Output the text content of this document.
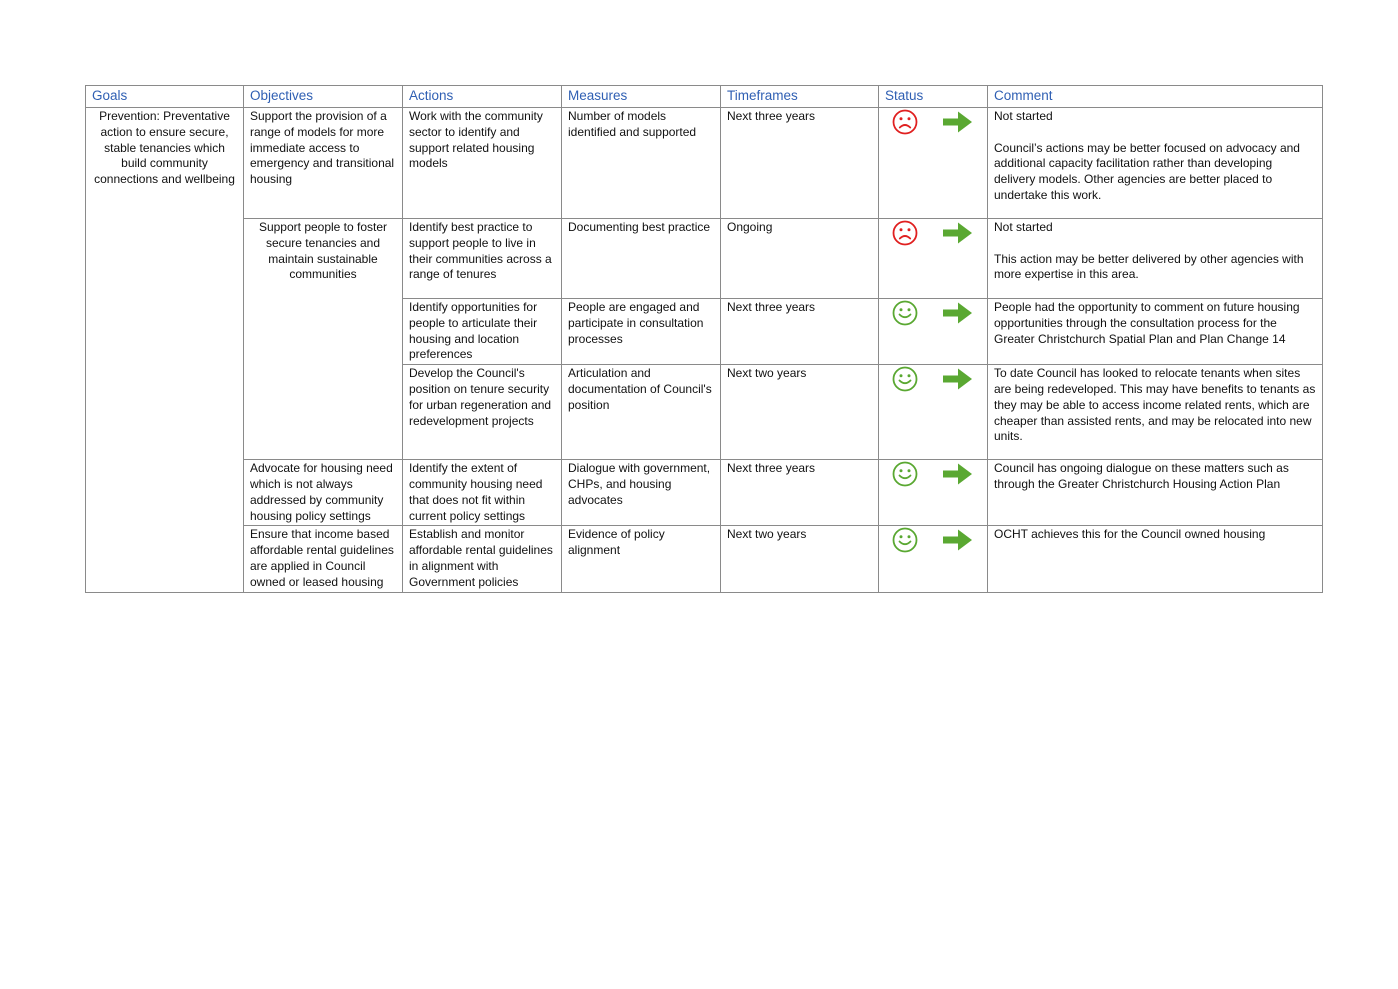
Goals	Objectives	Actions	Measures	Timeframes	Status	Comment
Prevention: Preventative action to ensure secure, stable tenancies which build community connections and wellbeing	Support the provision of a range of models for more immediate access to emergency and transitional housing	Work with the community sector to identify and support related housing models	Number of models identified and supported	Next three years		Not started
Council’s actions may be better focused on advocacy and additional capacity facilitation rather than developing delivery models. Other agencies are better placed to undertake this work.

	Support people to foster secure tenancies and maintain sustainable communities	Identify best practice to support people to live in their communities across a range of tenures	Documenting best practice	Ongoing		Not started
This action may be better delivered by other agencies with more expertise in this area.

		Identify opportunities for people to articulate their housing and location preferences	People are engaged and participate in consultation processes	Next three years		People had the opportunity to comment on future housing opportunities through the consultation process for the Greater Christchurch Spatial Plan and Plan Change 14

		Develop the Council's position on tenure security for urban regeneration and redevelopment projects	Articulation and documentation of Council's position	Next two years		To date Council has looked to relocate tenants when sites are being redeveloped. This may have benefits to tenants as they may be able to access income related rents, which are cheaper than assisted rents, and may be relocated into new units.

	Advocate for housing need which is not always addressed by community housing policy settings	Identify the extent of community housing need that does not fit within current policy settings	Dialogue with government, CHPs, and housing advocates	Next three years		Council has ongoing dialogue on these matters such as through the Greater Christchurch Housing Action Plan

	Ensure that income based affordable rental guidelines are applied in Council owned or leased housing	Establish and monitor affordable rental guidelines in alignment with Government policies	Evidence of policy alignment	Next two years		OCHT achieves this for the Council owned housing
